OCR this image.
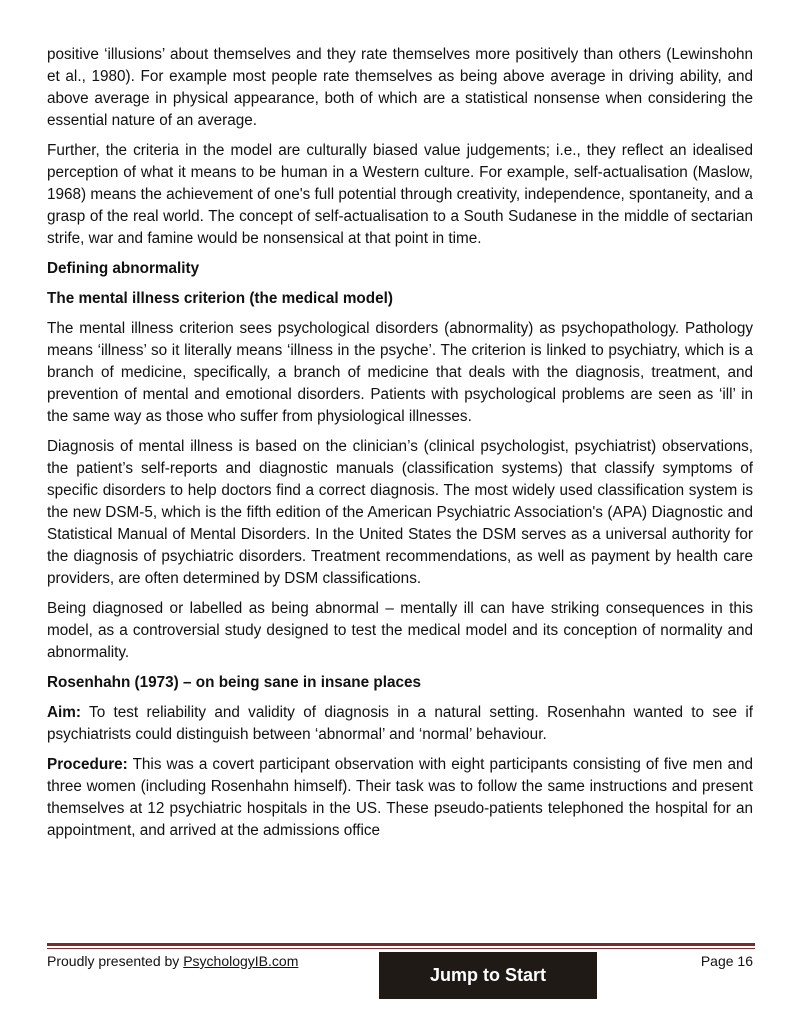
positive ‘illusions’ about themselves and they rate themselves more positively than others (Lewinshohn et al., 1980). For example most people rate themselves as being above average in driving ability, and above average in physical appearance, both of which are a statistical nonsense when considering the essential nature of an average.

Further, the criteria in the model are culturally biased value judgements; i.e., they reflect an idealised perception of what it means to be human in a Western culture. For example, self-actualisation (Maslow, 1968) means the achievement of one's full potential through creativity, independence, spontaneity, and a grasp of the real world. The concept of self-actualisation to a South Sudanese in the middle of sectarian strife, war and famine would be nonsensical at that point in time.

Defining abnormality

The mental illness criterion (the medical model)

The mental illness criterion sees psychological disorders (abnormality) as psychopathology. Pathology means ‘illness’ so it literally means ‘illness in the psyche’. The criterion is linked to psychiatry, which is a branch of medicine, specifically, a branch of medicine that deals with the diagnosis, treatment, and prevention of mental and emotional disorders. Patients with psychological problems are seen as ‘ill’ in the same way as those who suffer from physiological illnesses.

Diagnosis of mental illness is based on the clinician’s (clinical psychologist, psychiatrist) observations, the patient’s self-reports and diagnostic manuals (classification systems) that classify symptoms of specific disorders to help doctors find a correct diagnosis. The most widely used classification system is the new DSM-5, which is the fifth edition of the American Psychiatric Association's (APA) Diagnostic and Statistical Manual of Mental Disorders. In the United States the DSM serves as a universal authority for the diagnosis of psychiatric disorders. Treatment recommendations, as well as payment by health care providers, are often determined by DSM classifications.

Being diagnosed or labelled as being abnormal – mentally ill can have striking consequences in this model, as a controversial study designed to test the medical model and its conception of normality and abnormality.

Rosenhahn (1973) – on being sane in insane places

Aim: To test reliability and validity of diagnosis in a natural setting. Rosenhahn wanted to see if psychiatrists could distinguish between ‘abnormal’ and ‘normal’ behaviour.

Procedure: This was a covert participant observation with eight participants consisting of five men and three women (including Rosenhahn himself). Their task was to follow the same instructions and present themselves at 12 psychiatric hospitals in the US. These pseudo-patients telephoned the hospital for an appointment, and arrived at the admissions office

Proudly presented by PsychologyIB.com
Jump to Start
Page 16
